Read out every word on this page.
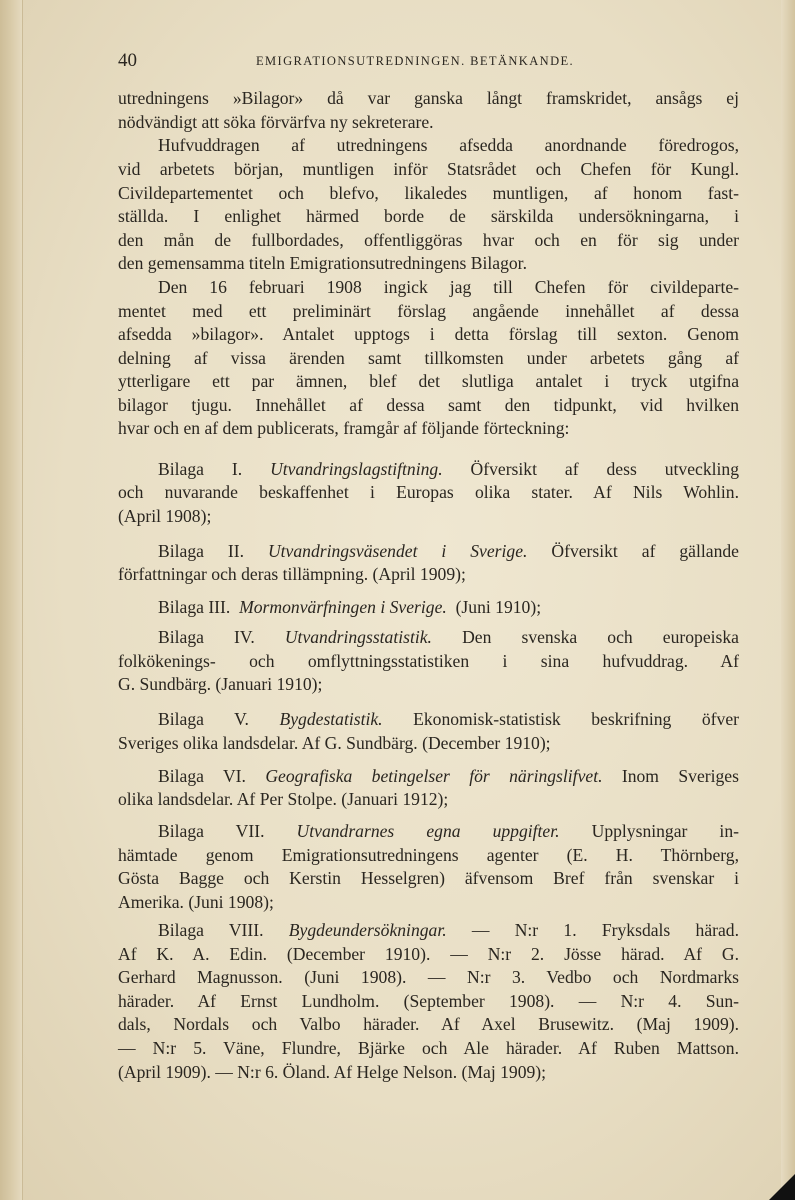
40	EMIGRATIONSUTREDNINGEN. BETÄNKANDE.
utredningens »Bilagor» då var ganska långt framskridet, ansågs ej
nödvändigt att söka förvärfva ny sekreterare.
Hufvuddragen af utredningens afsedda anordnande föredrogos,
vid arbetets början, muntligen inför Statsrådet och Chefen för Kungl.
Civildepartementet och blefvo, likaledes muntligen, af honom fast-
ställda. I enlighet härmed borde de särskilda undersökningarna, i
den mån de fullbordades, offentliggöras hvar och en för sig under
den gemensamma titeln Emigrationsutredningens Bilagor.
Den 16 februari 1908 ingick jag till Chefen för civildeparte-
mentet med ett preliminärt förslag angående innehållet af dessa
afsedda »bilagor». Antalet upptogs i detta förslag till sexton. Genom
delning af vissa ärenden samt tillkomsten under arbetets gång af
ytterligare ett par ämnen, blef det slutliga antalet i tryck utgifna
bilagor tjugu. Innehållet af dessa samt den tidpunkt, vid hvilken
hvar och en af dem publicerats, framgår af följande förteckning:
Bilaga I. Utvandringslagstiftning. Öfversikt af dess utveckling
och nuvarande beskaffenhet i Europas olika stater. Af Nils Wohlin.
(April 1908);
Bilaga II. Utvandringsväsendet i Sverige. Öfversikt af gällande
författningar och deras tillämpning. (April 1909);
Bilaga III. Mormonvärfningen i Sverige. (Juni 1910);
Bilaga IV. Utvandringsstatistik. Den svenska och europeiska
folkökenings- och omflyttningsstatistiken i sina hufvuddrag. Af
G. Sundbärg. (Januari 1910);
Bilaga V. Bygdestatistik. Ekonomisk-statistisk beskrifning öfver
Sveriges olika landsdelar. Af G. Sundbärg. (December 1910);
Bilaga VI. Geografiska betingelser för näringslifvet. Inom Sveriges
olika landsdelar. Af Per Stolpe. (Januari 1912);
Bilaga VII. Utvandrarnes egna uppgifter. Upplysningar in-
hämtade genom Emigrationsutredningens agenter (E. H. Thörnberg,
Gösta Bagge och Kerstin Hesselgren) äfvensom Bref från svenskar i
Amerika. (Juni 1908);
Bilaga VIII. Bygdeundersökningar. — N:r 1. Fryksdals härad.
Af K. A. Edin. (December 1910). — N:r 2. Jösse härad. Af G.
Gerhard Magnusson. (Juni 1908). — N:r 3. Vedbo och Nordmarks
härader. Af Ernst Lundholm. (September 1908). — N:r 4. Sun-
dals, Nordals och Valbo härader. Af Axel Brusewitz. (Maj 1909).
— N:r 5. Väne, Flundre, Bjärke och Ale härader. Af Ruben Mattson.
(April 1909). — N:r 6. Öland. Af Helge Nelson. (Maj 1909);
